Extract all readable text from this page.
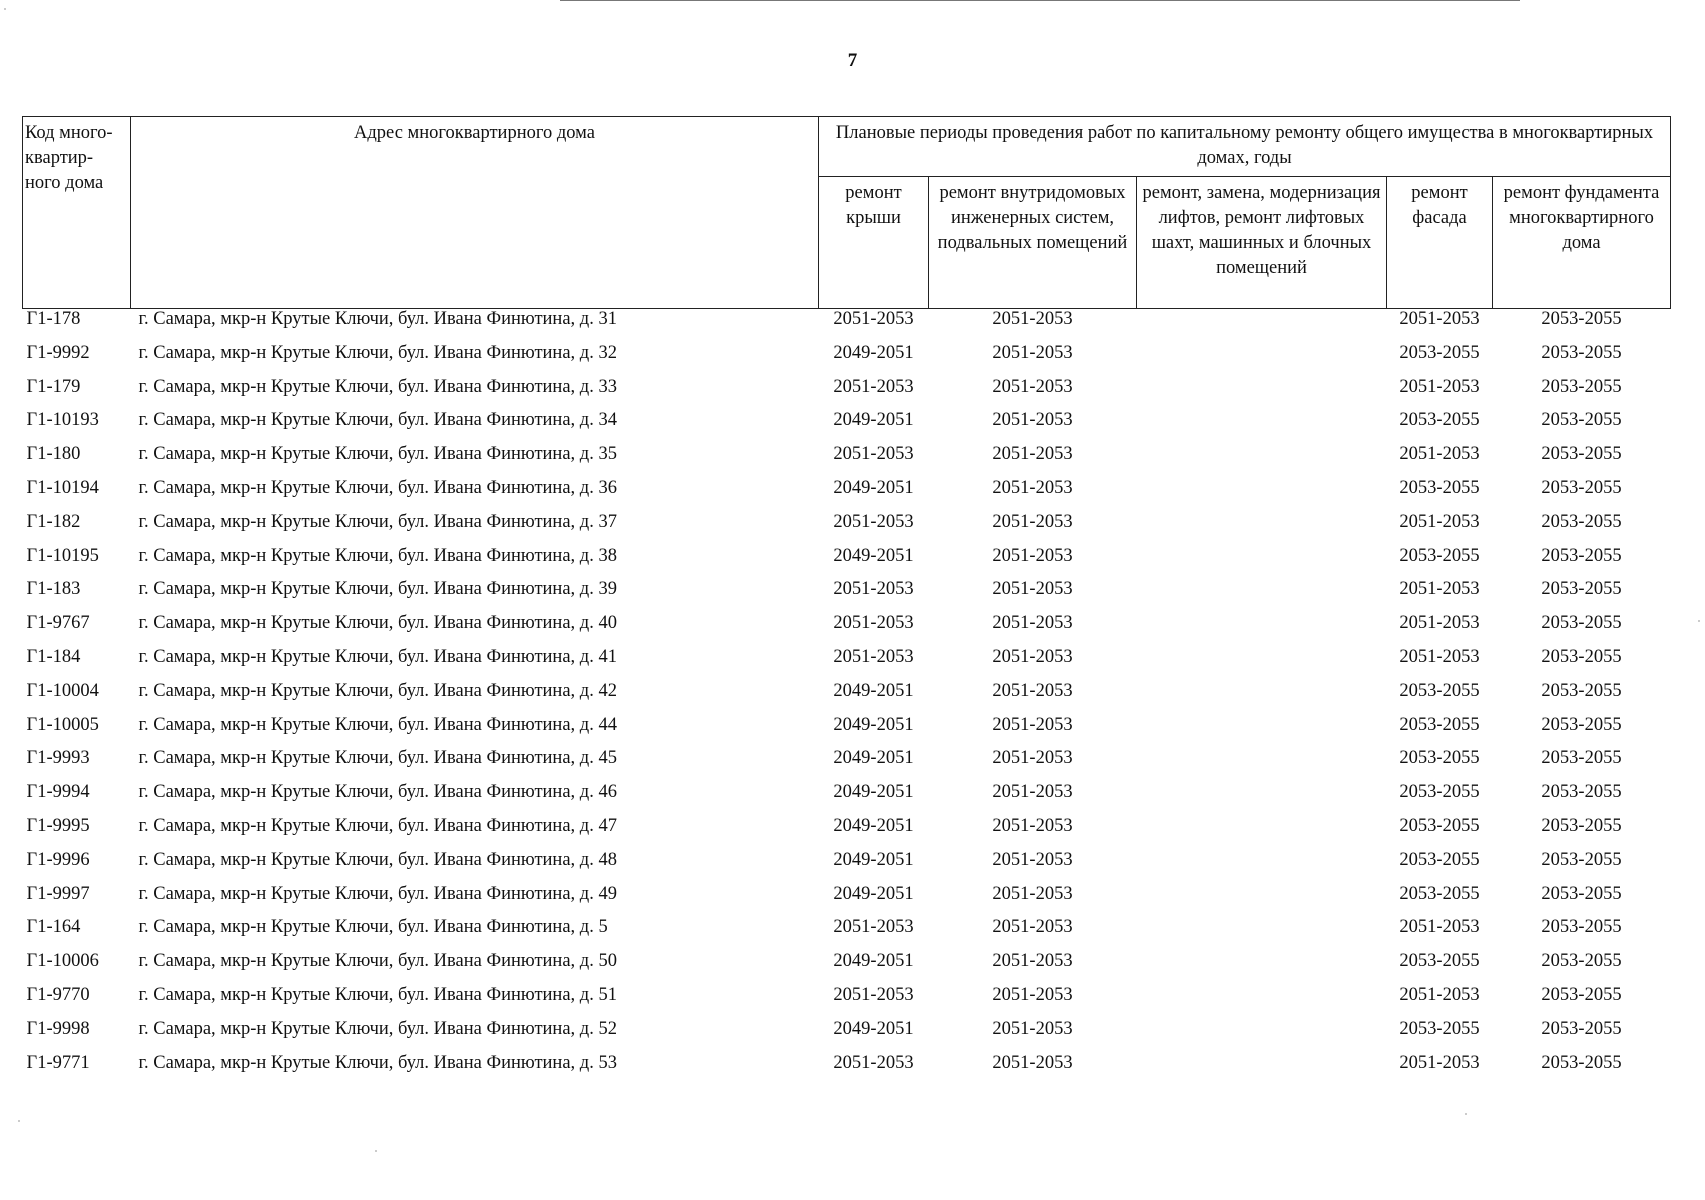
7
Код много-квартир-ного дома	Адрес многоквартирного дома	Плановые периоды проведения работ по капитальному ремонту общего имущества в многоквартирных домах, годы				
		ремонт крыши	ремонт внутридомовых инженерных систем, подвальных помещений	ремонт, замена, модернизация лифтов, ремонт лифтовых шахт, машинных и блочных помещений	ремонт фасада	ремонт фундамента многоквартирного дома
Г1-178	г. Самара, мкр-н Крутые Ключи, бул. Ивана Финютина, д. 31	2051-2053	2051-2053		2051-2053	2053-2055
Г1-9992	г. Самара, мкр-н Крутые Ключи, бул. Ивана Финютина, д. 32	2049-2051	2051-2053		2053-2055	2053-2055
Г1-179	г. Самара, мкр-н Крутые Ключи, бул. Ивана Финютина, д. 33	2051-2053	2051-2053		2051-2053	2053-2055
Г1-10193	г. Самара, мкр-н Крутые Ключи, бул. Ивана Финютина, д. 34	2049-2051	2051-2053		2053-2055	2053-2055
Г1-180	г. Самара, мкр-н Крутые Ключи, бул. Ивана Финютина, д. 35	2051-2053	2051-2053		2051-2053	2053-2055
Г1-10194	г. Самара, мкр-н Крутые Ключи, бул. Ивана Финютина, д. 36	2049-2051	2051-2053		2053-2055	2053-2055
Г1-182	г. Самара, мкр-н Крутые Ключи, бул. Ивана Финютина, д. 37	2051-2053	2051-2053		2051-2053	2053-2055
Г1-10195	г. Самара, мкр-н Крутые Ключи, бул. Ивана Финютина, д. 38	2049-2051	2051-2053		2053-2055	2053-2055
Г1-183	г. Самара, мкр-н Крутые Ключи, бул. Ивана Финютина, д. 39	2051-2053	2051-2053		2051-2053	2053-2055
Г1-9767	г. Самара, мкр-н Крутые Ключи, бул. Ивана Финютина, д. 40	2051-2053	2051-2053		2051-2053	2053-2055
Г1-184	г. Самара, мкр-н Крутые Ключи, бул. Ивана Финютина, д. 41	2051-2053	2051-2053		2051-2053	2053-2055
Г1-10004	г. Самара, мкр-н Крутые Ключи, бул. Ивана Финютина, д. 42	2049-2051	2051-2053		2053-2055	2053-2055
Г1-10005	г. Самара, мкр-н Крутые Ключи, бул. Ивана Финютина, д. 44	2049-2051	2051-2053		2053-2055	2053-2055
Г1-9993	г. Самара, мкр-н Крутые Ключи, бул. Ивана Финютина, д. 45	2049-2051	2051-2053		2053-2055	2053-2055
Г1-9994	г. Самара, мкр-н Крутые Ключи, бул. Ивана Финютина, д. 46	2049-2051	2051-2053		2053-2055	2053-2055
Г1-9995	г. Самара, мкр-н Крутые Ключи, бул. Ивана Финютина, д. 47	2049-2051	2051-2053		2053-2055	2053-2055
Г1-9996	г. Самара, мкр-н Крутые Ключи, бул. Ивана Финютина, д. 48	2049-2051	2051-2053		2053-2055	2053-2055
Г1-9997	г. Самара, мкр-н Крутые Ключи, бул. Ивана Финютина, д. 49	2049-2051	2051-2053		2053-2055	2053-2055
Г1-164	г. Самара, мкр-н Крутые Ключи, бул. Ивана Финютина, д. 5	2051-2053	2051-2053		2051-2053	2053-2055
Г1-10006	г. Самара, мкр-н Крутые Ключи, бул. Ивана Финютина, д. 50	2049-2051	2051-2053		2053-2055	2053-2055
Г1-9770	г. Самара, мкр-н Крутые Ключи, бул. Ивана Финютина, д. 51	2051-2053	2051-2053		2051-2053	2053-2055
Г1-9998	г. Самара, мкр-н Крутые Ключи, бул. Ивана Финютина, д. 52	2049-2051	2051-2053		2053-2055	2053-2055
Г1-9771	г. Самара, мкр-н Крутые Ключи, бул. Ивана Финютина, д. 53	2051-2053	2051-2053		2051-2053	2053-2055
